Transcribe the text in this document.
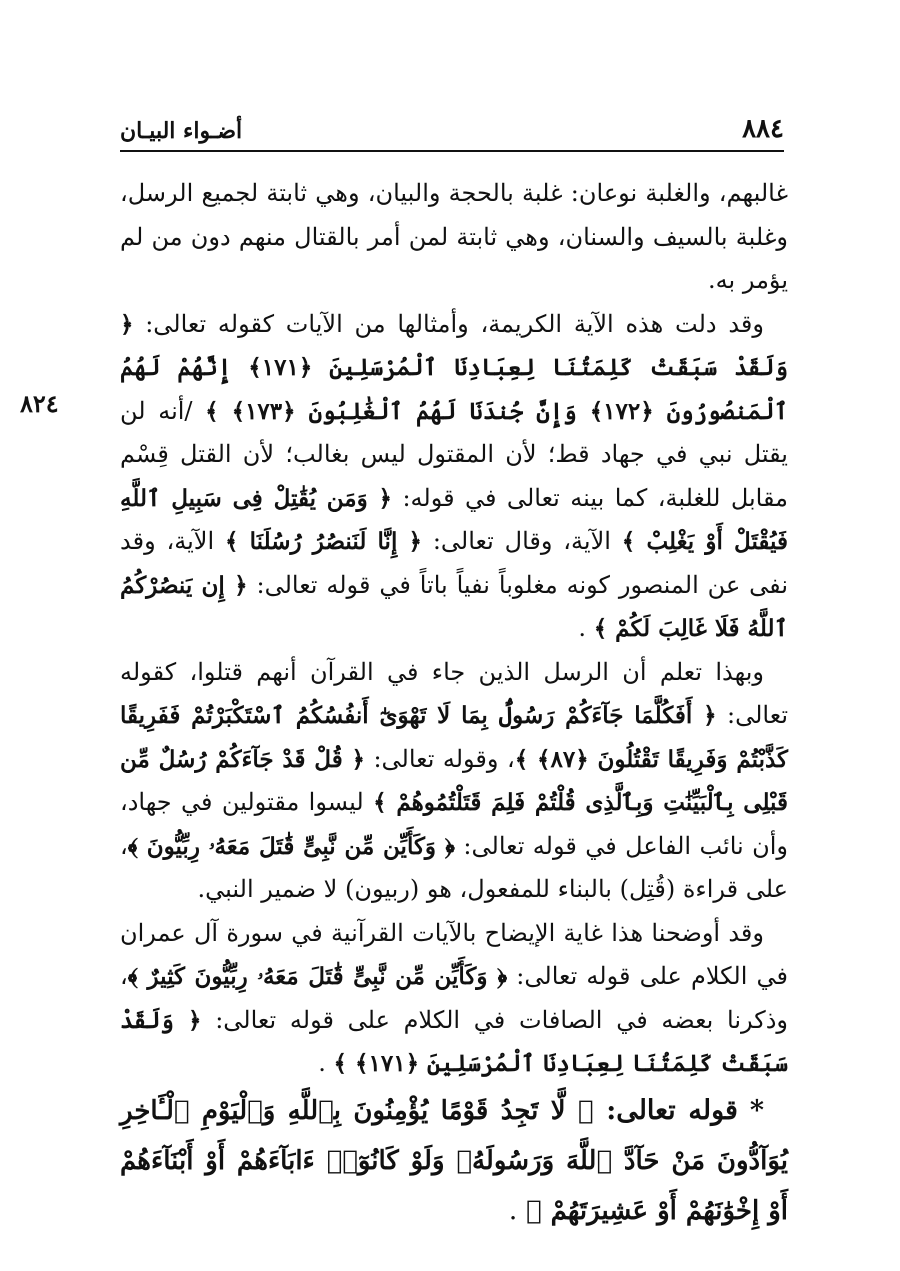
٨٨٤
أضـواء البيـان
٨٢٤

غالبهم، والغلبة نوعان: غلبة بالحجة والبيان، وهي ثابتة لجميع الرسل، وغلبة بالسيف والسنان، وهي ثابتة لمن أمر بالقتال منهم دون من لم يؤمر به.

وقد دلت هذه الآية الكريمة، وأمثالها من الآيات كقوله تعالى: ﴿ وَلَقَدْ سَبَقَتْ كَلِمَتُنَا لِعِبَادِنَا ٱلْمُرْسَلِينَ ﴿١٧١﴾ إِنَّهُمْ لَهُمُ ٱلْمَنصُورُونَ ﴿١٧٢﴾ وَإِنَّ جُندَنَا لَهُمُ ٱلْغَٰلِبُونَ ﴿١٧٣﴾ ﴾ /أنه لن يقتل نبي في جهاد قط؛ لأن المقتول ليس بغالب؛ لأن القتل قِسْم مقابل للغلبة، كما بينه تعالى في قوله: ﴿ وَمَن يُقَٰتِلْ فِى سَبِيلِ ٱللَّهِ فَيُقْتَلْ أَوْ يَغْلِبْ ﴾ الآية، وقال تعالى: ﴿ إِنَّا لَنَنصُرُ رُسُلَنَا ﴾ الآية، وقد نفى عن المنصور كونه مغلوباً نفياً باتاً في قوله تعالى: ﴿ إِن يَنصُرْكُمُ ٱللَّهُ فَلَا غَالِبَ لَكُمْ ﴾ .

وبهذا تعلم أن الرسل الذين جاء في القرآن أنهم قتلوا، كقوله تعالى: ﴿ أَفَكُلَّمَا جَآءَكُمْ رَسُولٌۢ بِمَا لَا تَهْوَىٰٓ أَنفُسُكُمُ ٱسْتَكْبَرْتُمْ فَفَرِيقًا كَذَّبْتُمْ وَفَرِيقًا تَقْتُلُونَ ﴿٨٧﴾ ﴾، وقوله تعالى: ﴿ قُلْ قَدْ جَآءَكُمْ رُسُلٌ مِّن قَبْلِى بِٱلْبَيِّنَٰتِ وَبِٱلَّذِى قُلْتُمْ فَلِمَ قَتَلْتُمُوهُمْ ﴾ ليسوا مقتولين في جهاد، وأن نائب الفاعل في قوله تعالى: ﴿ وَكَأَيِّن مِّن نَّبِىٍّ قَٰتَلَ مَعَهُۥ رِبِّيُّونَ ﴾، على قراءة (قُتِل) بالبناء للمفعول، هو (ربيون) لا ضمير النبي.

وقد أوضحنا هذا غاية الإيضاح بالآيات القرآنية في سورة آل عمران في الكلام على قوله تعالى: ﴿ وَكَأَيِّن مِّن نَّبِىٍّ قَٰتَلَ مَعَهُۥ رِبِّيُّونَ كَثِيرٌ ﴾، وذكرنا بعضه في الصافات في الكلام على قوله تعالى: ﴿ وَلَقَدْ سَبَقَتْ كَلِمَتُنَا لِعِبَادِنَا ٱلْمُرْسَلِينَ ﴿١٧١﴾ ﴾ .

* قوله تعالى: ﴿ لَّا تَجِدُ قَوْمًا يُؤْمِنُونَ بِٱللَّهِ وَٱلْيَوْمِ ٱلْـَٔاخِرِ يُوَآدُّونَ مَنْ حَآدَّ ٱللَّهَ وَرَسُولَهُۥ وَلَوْ كَانُوٓا۟ ءَابَآءَهُمْ أَوْ أَبْنَآءَهُمْ أَوْ إِخْوَٰنَهُمْ أَوْ عَشِيرَتَهُمْ ﴾ .
